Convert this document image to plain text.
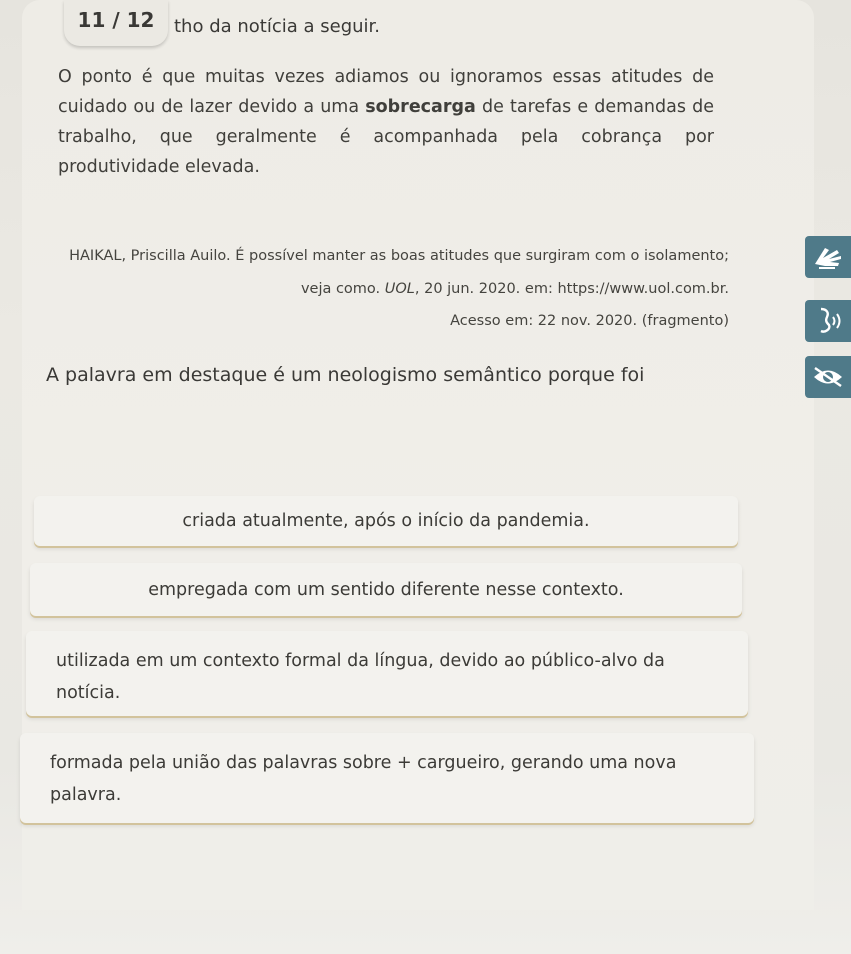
11 / 12 tho da notícia a seguir.
O ponto é que muitas vezes adiamos ou ignoramos essas atitudes de cuidado ou de lazer devido a uma sobrecarga de tarefas e demandas de trabalho, que geralmente é acompanhada pela cobrança por produtividade elevada.
HAIKAL, Priscilla Auilo. É possível manter as boas atitudes que surgiram com o isolamento;
veja como. UOL, 20 jun. 2020. em: https://www.uol.com.br.
Acesso em: 22 nov. 2020. (fragmento)
A palavra em destaque é um neologismo semântico porque foi
criada atualmente, após o início da pandemia.
empregada com um sentido diferente nesse contexto.
utilizada em um contexto formal da língua, devido ao público-alvo da notícia.
formada pela união das palavras sobre + cargueiro, gerando uma nova palavra.
